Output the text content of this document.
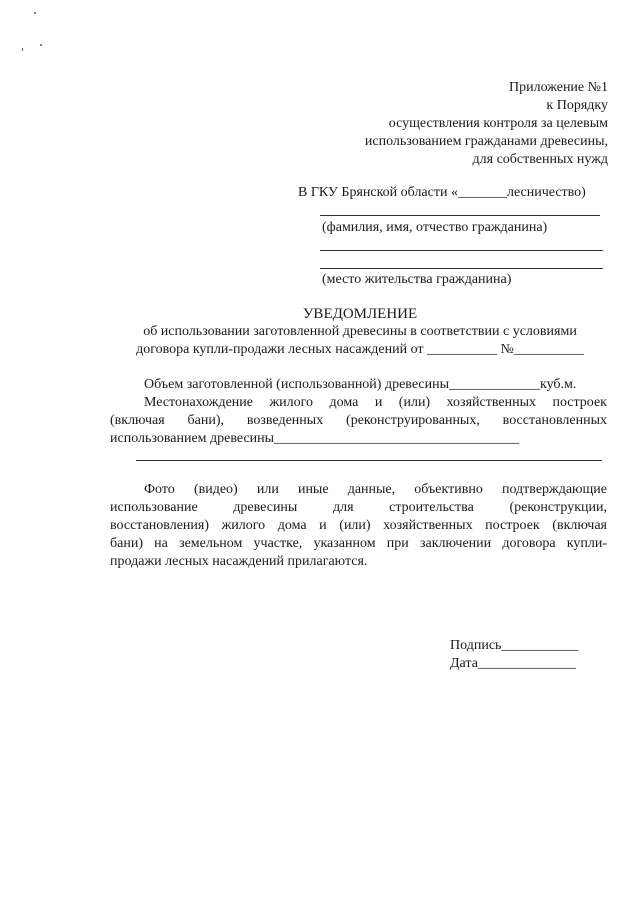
Приложение №1
к Порядку
осуществления контроля за целевым
использованием гражданами древесины,
для собственных нужд
В ГКУ Брянской области «_______лесничество)
(фамилия, имя, отчество гражданина)
(место жительства гражданина)
УВЕДОМЛЕНИЕ
об использовании заготовленной древесины в соответствии с условиями
договора купли-продажи лесных насаждений от __________ №__________
Объем заготовленной (использованной) древесины_____________куб.м.
Местонахождение жилого дома и (или) хозяйственных построек
(включая бани), возведенных (реконструированных, восстановленных
использованием древесины___________________________________
Фото (видео) или иные данные, объективно подтверждающие
использование древесины для строительства (реконструкции,
восстановления) жилого дома и (или) хозяйственных построек (включая
бани) на земельном участке, указанном при заключении договора купли-
продажи лесных насаждений прилагаются.
Подпись___________
Дата______________
